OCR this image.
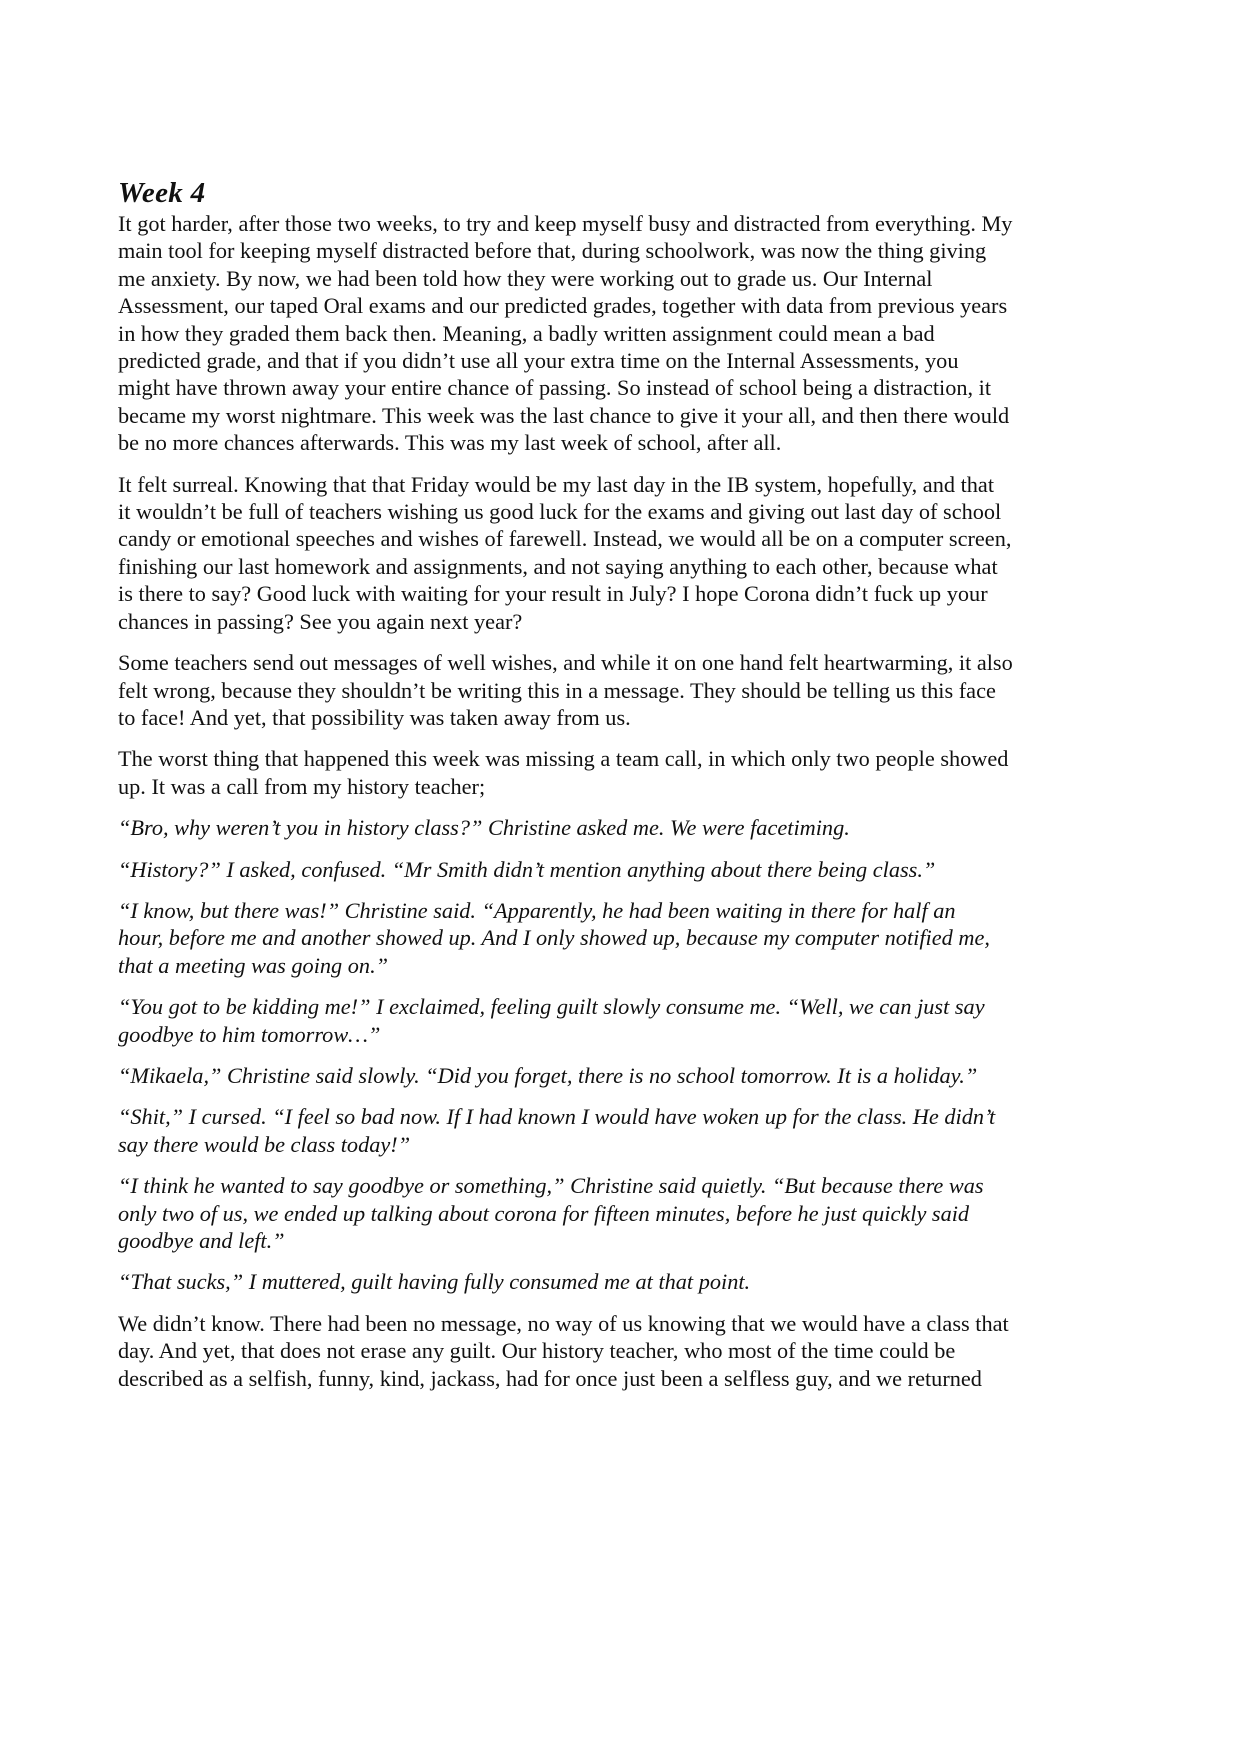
Week 4

It got harder, after those two weeks, to try and keep myself busy and distracted from everything. My
main tool for keeping myself distracted before that, during schoolwork, was now the thing giving
me anxiety. By now, we had been told how they were working out to grade us. Our Internal
Assessment, our taped Oral exams and our predicted grades, together with data from previous years
in how they graded them back then. Meaning, a badly written assignment could mean a bad
predicted grade, and that if you didn’t use all your extra time on the Internal Assessments, you
might have thrown away your entire chance of passing. So instead of school being a distraction, it
became my worst nightmare. This week was the last chance to give it your all, and then there would
be no more chances afterwards. This was my last week of school, after all.

It felt surreal. Knowing that that Friday would be my last day in the IB system, hopefully, and that
it wouldn’t be full of teachers wishing us good luck for the exams and giving out last day of school
candy or emotional speeches and wishes of farewell. Instead, we would all be on a computer screen,
finishing our last homework and assignments, and not saying anything to each other, because what
is there to say? Good luck with waiting for your result in July? I hope Corona didn’t fuck up your
chances in passing? See you again next year?

Some teachers send out messages of well wishes, and while it on one hand felt heartwarming, it also
felt wrong, because they shouldn’t be writing this in a message. They should be telling us this face
to face! And yet, that possibility was taken away from us.

The worst thing that happened this week was missing a team call, in which only two people showed
up. It was a call from my history teacher;

“Bro, why weren’t you in history class?” Christine asked me. We were facetiming.

“History?” I asked, confused. “Mr Smith didn’t mention anything about there being class.”

“I know, but there was!” Christine said. “Apparently, he had been waiting in there for half an
hour, before me and another showed up. And I only showed up, because my computer notified me,
that a meeting was going on.”

“You got to be kidding me!” I exclaimed, feeling guilt slowly consume me. “Well, we can just say
goodbye to him tomorrow…”

“Mikaela,” Christine said slowly. “Did you forget, there is no school tomorrow. It is a holiday.”

“Shit,” I cursed. “I feel so bad now. If I had known I would have woken up for the class. He didn’t
say there would be class today!”

“I think he wanted to say goodbye or something,” Christine said quietly. “But because there was
only two of us, we ended up talking about corona for fifteen minutes, before he just quickly said
goodbye and left.”

“That sucks,” I muttered, guilt having fully consumed me at that point.

We didn’t know. There had been no message, no way of us knowing that we would have a class that
day. And yet, that does not erase any guilt. Our history teacher, who most of the time could be
described as a selfish, funny, kind, jackass, had for once just been a selfless guy, and we returned
